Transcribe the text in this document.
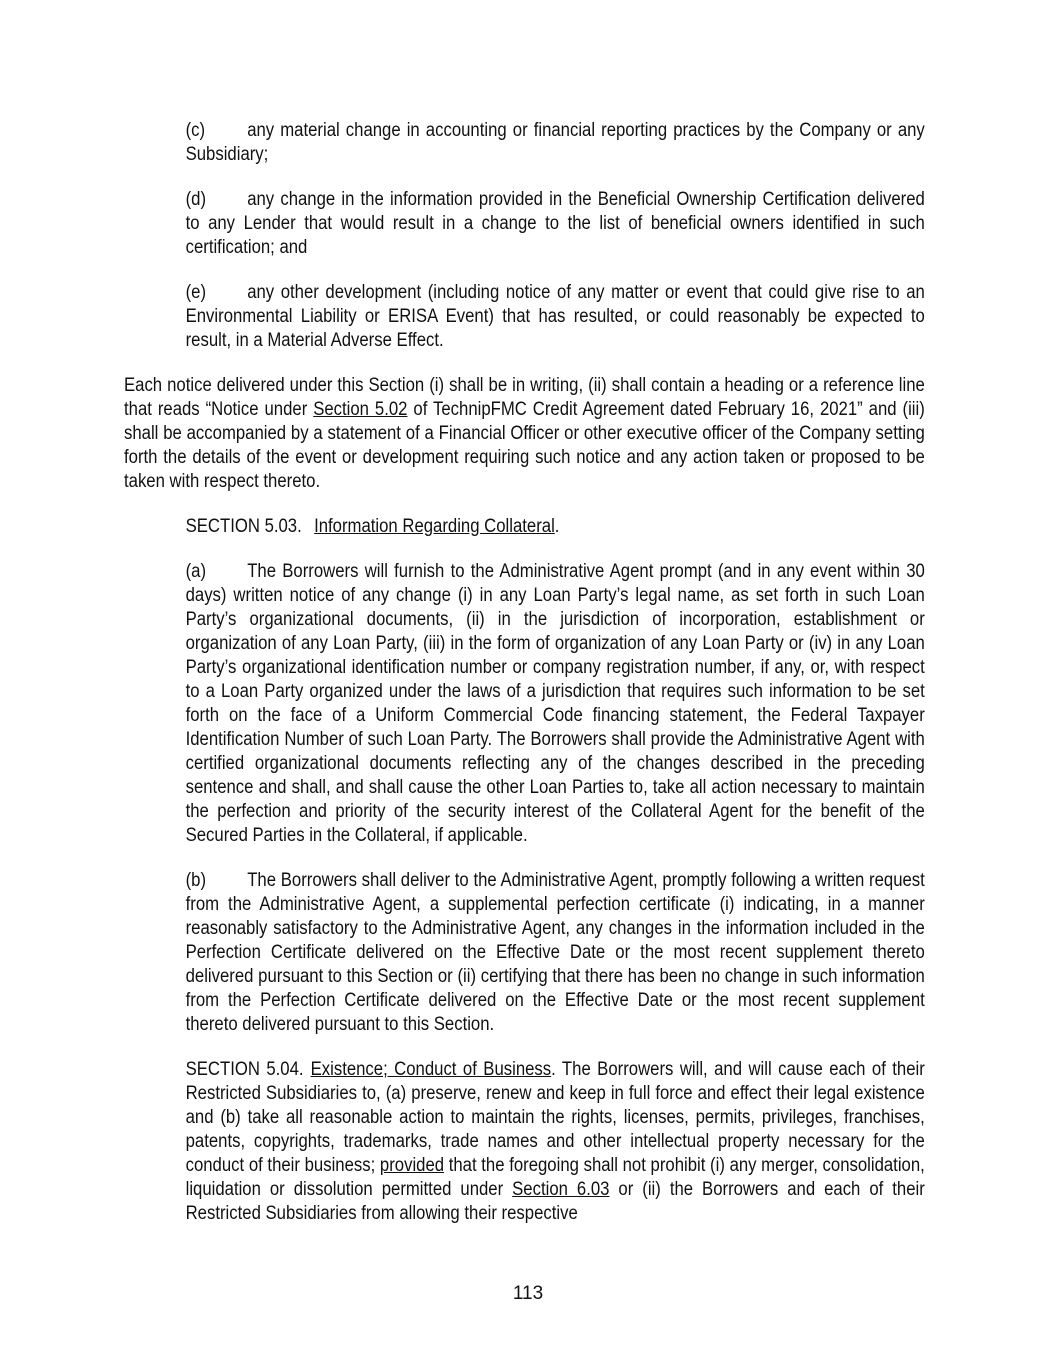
(c) any material change in accounting or financial reporting practices by the Company or any Subsidiary;

(d) any change in the information provided in the Beneficial Ownership Certification delivered to any Lender that would result in a change to the list of beneficial owners identified in such certification; and

(e) any other development (including notice of any matter or event that could give rise to an Environmental Liability or ERISA Event) that has resulted, or could reasonably be expected to result, in a Material Adverse Effect.

Each notice delivered under this Section (i) shall be in writing, (ii) shall contain a heading or a reference line that reads “Notice under Section 5.02 of TechnipFMC Credit Agreement dated February 16, 2021” and (iii) shall be accompanied by a statement of a Financial Officer or other executive officer of the Company setting forth the details of the event or development requiring such notice and any action taken or proposed to be taken with respect thereto.

SECTION 5.03. Information Regarding Collateral.

(a) The Borrowers will furnish to the Administrative Agent prompt (and in any event within 30 days) written notice of any change (i) in any Loan Party’s legal name, as set forth in such Loan Party’s organizational documents, (ii) in the jurisdiction of incorporation, establishment or organization of any Loan Party, (iii) in the form of organization of any Loan Party or (iv) in any Loan Party’s organizational identification number or company registration number, if any, or, with respect to a Loan Party organized under the laws of a jurisdiction that requires such information to be set forth on the face of a Uniform Commercial Code financing statement, the Federal Taxpayer Identification Number of such Loan Party. The Borrowers shall provide the Administrative Agent with certified organizational documents reflecting any of the changes described in the preceding sentence and shall, and shall cause the other Loan Parties to, take all action necessary to maintain the perfection and priority of the security interest of the Collateral Agent for the benefit of the Secured Parties in the Collateral, if applicable.

(b) The Borrowers shall deliver to the Administrative Agent, promptly following a written request from the Administrative Agent, a supplemental perfection certificate (i) indicating, in a manner reasonably satisfactory to the Administrative Agent, any changes in the information included in the Perfection Certificate delivered on the Effective Date or the most recent supplement thereto delivered pursuant to this Section or (ii) certifying that there has been no change in such information from the Perfection Certificate delivered on the Effective Date or the most recent supplement thereto delivered pursuant to this Section.

SECTION 5.04. Existence; Conduct of Business. The Borrowers will, and will cause each of their Restricted Subsidiaries to, (a) preserve, renew and keep in full force and effect their legal existence and (b) take all reasonable action to maintain the rights, licenses, permits, privileges, franchises, patents, copyrights, trademarks, trade names and other intellectual property necessary for the conduct of their business; provided that the foregoing shall not prohibit (i) any merger, consolidation, liquidation or dissolution permitted under Section 6.03 or (ii) the Borrowers and each of their Restricted Subsidiaries from allowing their respective

113
